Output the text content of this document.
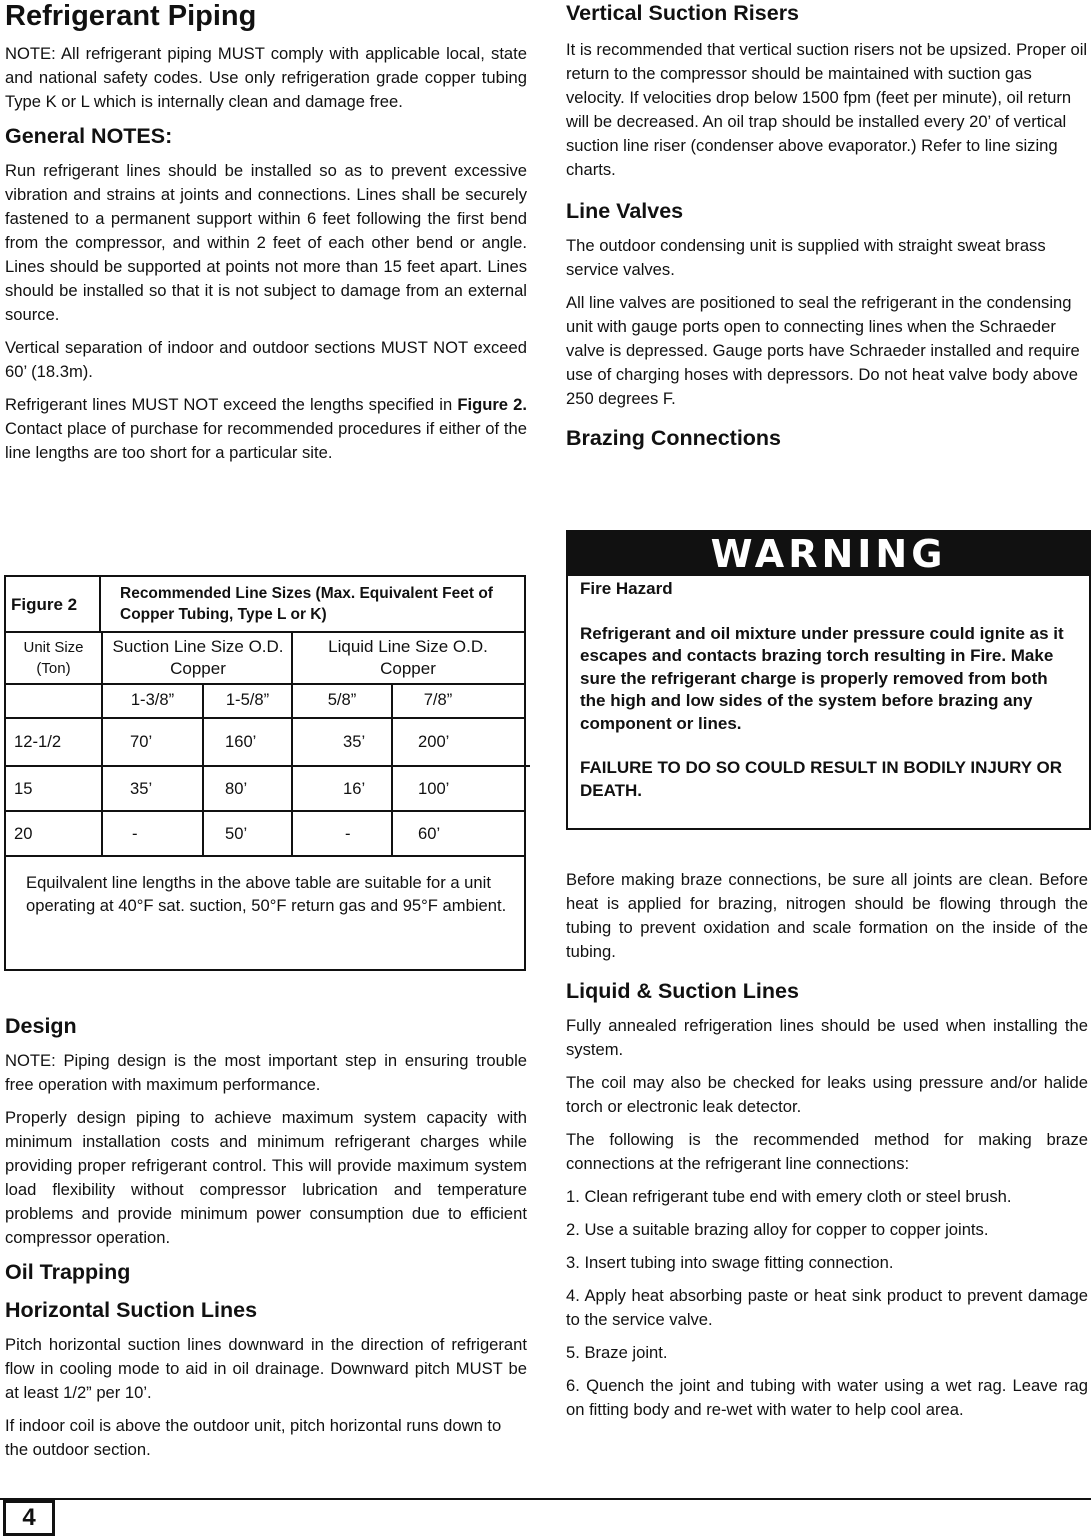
Refrigerant Piping

NOTE: All refrigerant piping MUST comply with applicable local, state and national safety codes. Use only refrigeration grade copper tubing Type K or L which is internally clean and damage free.

General NOTES:

Run refrigerant lines should be installed so as to prevent excessive vibration and strains at joints and connections. Lines shall be securely fastened to a permanent support within 6 feet following the first bend from the compressor, and within 2 feet of each other bend or angle. Lines should be supported at points not more than 15 feet apart. Lines should be installed so that it is not subject to damage from an external source.

Vertical separation of indoor and outdoor sections MUST NOT exceed 60’ (18.3m).

Refrigerant lines MUST NOT exceed the lengths specified in Figure 2. Contact place of purchase for recommended procedures if either of the line lengths are too short for a particular site.

Figure 2
Recommended Line Sizes (Max. Equivalent Feet of Copper Tubing, Type L or K)
Unit Size (Ton)
Suction Line Size O.D. Copper
Liquid Line Size O.D. Copper
1-3/8”	1-5/8”	5/8”	7/8”
12-1/2	70’	160’	35’	200’
15	35’	80’	16’	100’
20	-	50’	-	60’
Equilvalent line lengths in the above table are suitable for a unit operating at 40°F sat. suction, 50°F return gas and 95°F ambient.
Design

NOTE: Piping design is the most important step in ensuring trouble free operation with maximum performance.

Properly design piping to achieve maximum system capacity with minimum installation costs and minimum refrigerant charges while providing proper refrigerant control. This will provide maximum system load flexibility without compressor lubrication and temperature problems and provide minimum power consumption due to efficient compressor operation.

Oil Trapping
Horizontal Suction Lines

Pitch horizontal suction lines downward in the direction of refrigerant flow in cooling mode to aid in oil drainage. Downward pitch MUST be at least 1/2” per 10’.

If indoor coil is above the outdoor unit, pitch horizontal runs down to the outdoor section.

Vertical Suction Risers

It is recommended that vertical suction risers not be upsized. Proper oil return to the compressor should be maintained with suction gas velocity. If velocities drop below 1500 fpm (feet per minute), oil return will be decreased. An oil trap should be installed every 20’ of vertical suction line riser (condenser above evaporator.) Refer to line sizing charts.

Line Valves

The outdoor condensing unit is supplied with straight sweat brass service valves.

All line valves are positioned to seal the refrigerant in the condensing unit with gauge ports open to connecting lines when the Schraeder valve is depressed. Gauge ports have Schraeder installed and require use of charging hoses with depressors. Do not heat valve body above 250 degrees F.

Brazing Connections
WARNING
Fire Hazard
Refrigerant and oil mixture under pressure could ignite as it escapes and contacts brazing torch resulting in Fire. Make sure the refrigerant charge is properly removed from both the high and low sides of the system before brazing any component or lines.
FAILURE TO DO SO COULD RESULT IN BODILY INJURY OR DEATH.

Before making braze connections, be sure all joints are clean. Before heat is applied for brazing, nitrogen should be flowing through the tubing to prevent oxidation and scale formation on the inside of the tubing.

Liquid & Suction Lines

Fully annealed refrigeration lines should be used when installing the system.

The coil may also be checked for leaks using pressure and/or halide torch or electronic leak detector.

The following is the recommended method for making braze connections at the refrigerant line connections:

1. Clean refrigerant tube end with emery cloth or steel brush.

2. Use a suitable brazing alloy for copper to copper joints.

3. Insert tubing into swage fitting connection.

4. Apply heat absorbing paste or heat sink product to prevent damage to the service valve.

5. Braze joint.

6. Quench the joint and tubing with water using a wet rag. Leave rag on fitting body and re-wet with water to help cool area.

4
